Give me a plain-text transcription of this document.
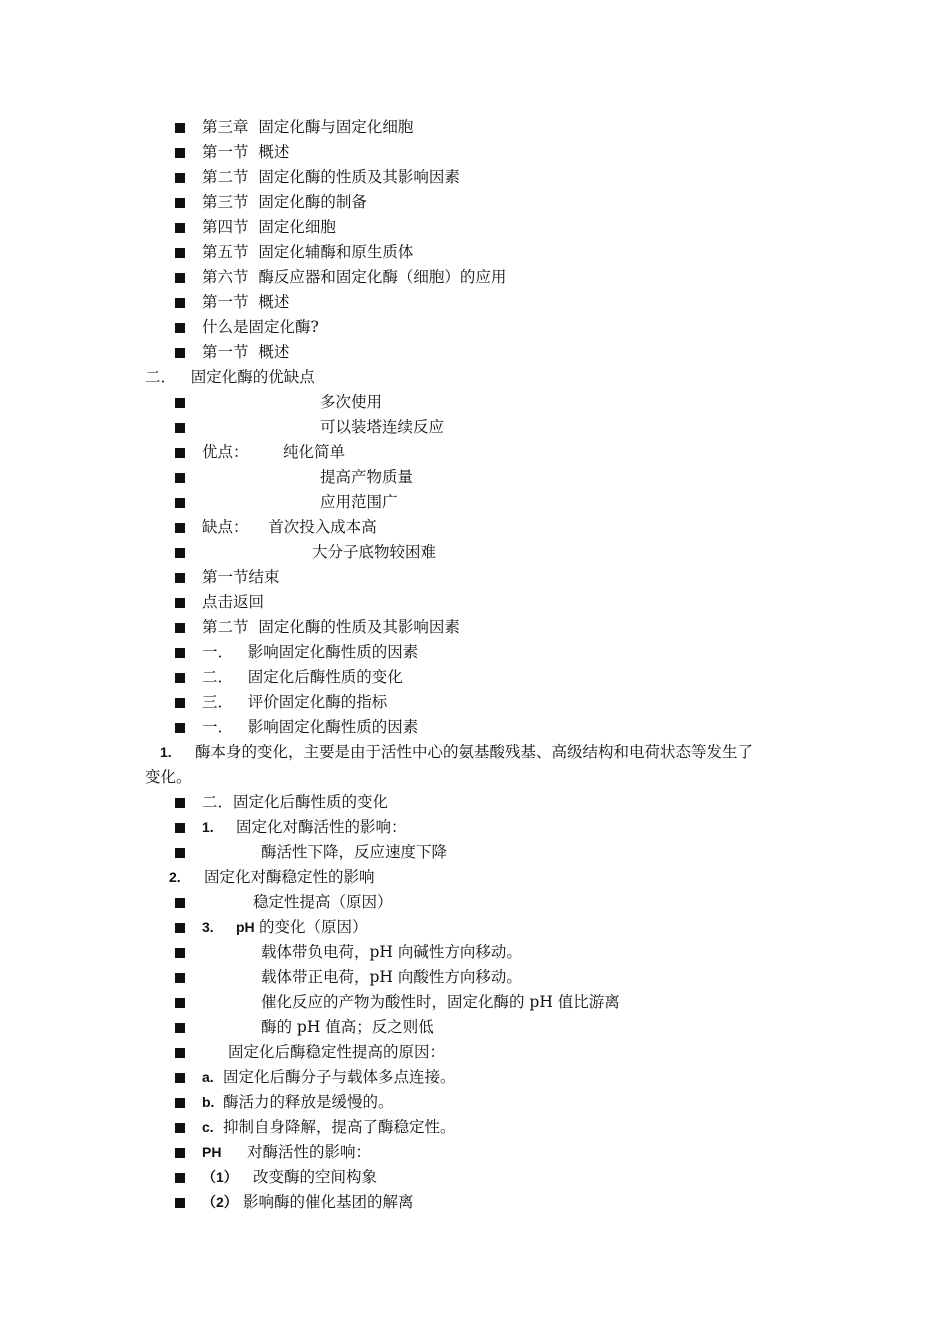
第三章  固定化酶与固定化细胞
第一节  概述
第二节  固定化酶的性质及其影响因素
第三节  固定化酶的制备
第四节  固定化细胞
第五节  固定化辅酶和原生质体
第六节  酶反应器和固定化酶（细胞）的应用
第一节  概述
什么是固定化酶?
第一节  概述
二．   固定化酶的优缺点
多次使用
可以装塔连续反应
优点：       纯化简单
提高产物质量
应用范围广
缺点：    首次投入成本高
大分子底物较困难
第一节结束
点击返回
第二节  固定化酶的性质及其影响因素
一．   影响固定化酶性质的因素
二．   固定化后酶性质的变化
三．   评价固定化酶的指标
一．   影响固定化酶性质的因素
1. 酶本身的变化，主要是由于活性中心的氨基酸残基、高级结构和电荷状态等发生了
变化。
二．固定化后酶性质的变化
1. 固定化对酶活性的影响：
酶活性下降，反应速度下降
2. 固定化对酶稳定性的影响
稳定性提高（原因）
3. pH 的变化（原因）
载体带负电荷，pH 向碱性方向移动。
载体带正电荷，pH 向酸性方向移动。
催化反应的产物为酸性时，固定化酶的 pH 值比游离
酶的 pH 值高；反之则低
固定化后酶稳定性提高的原因：
a. 固定化后酶分子与载体多点连接。
b. 酶活力的释放是缓慢的。
c. 抑制自身降解，提高了酶稳定性。
PH 对酶活性的影响：
（1） 改变酶的空间构象
（2） 影响酶的催化基团的解离
